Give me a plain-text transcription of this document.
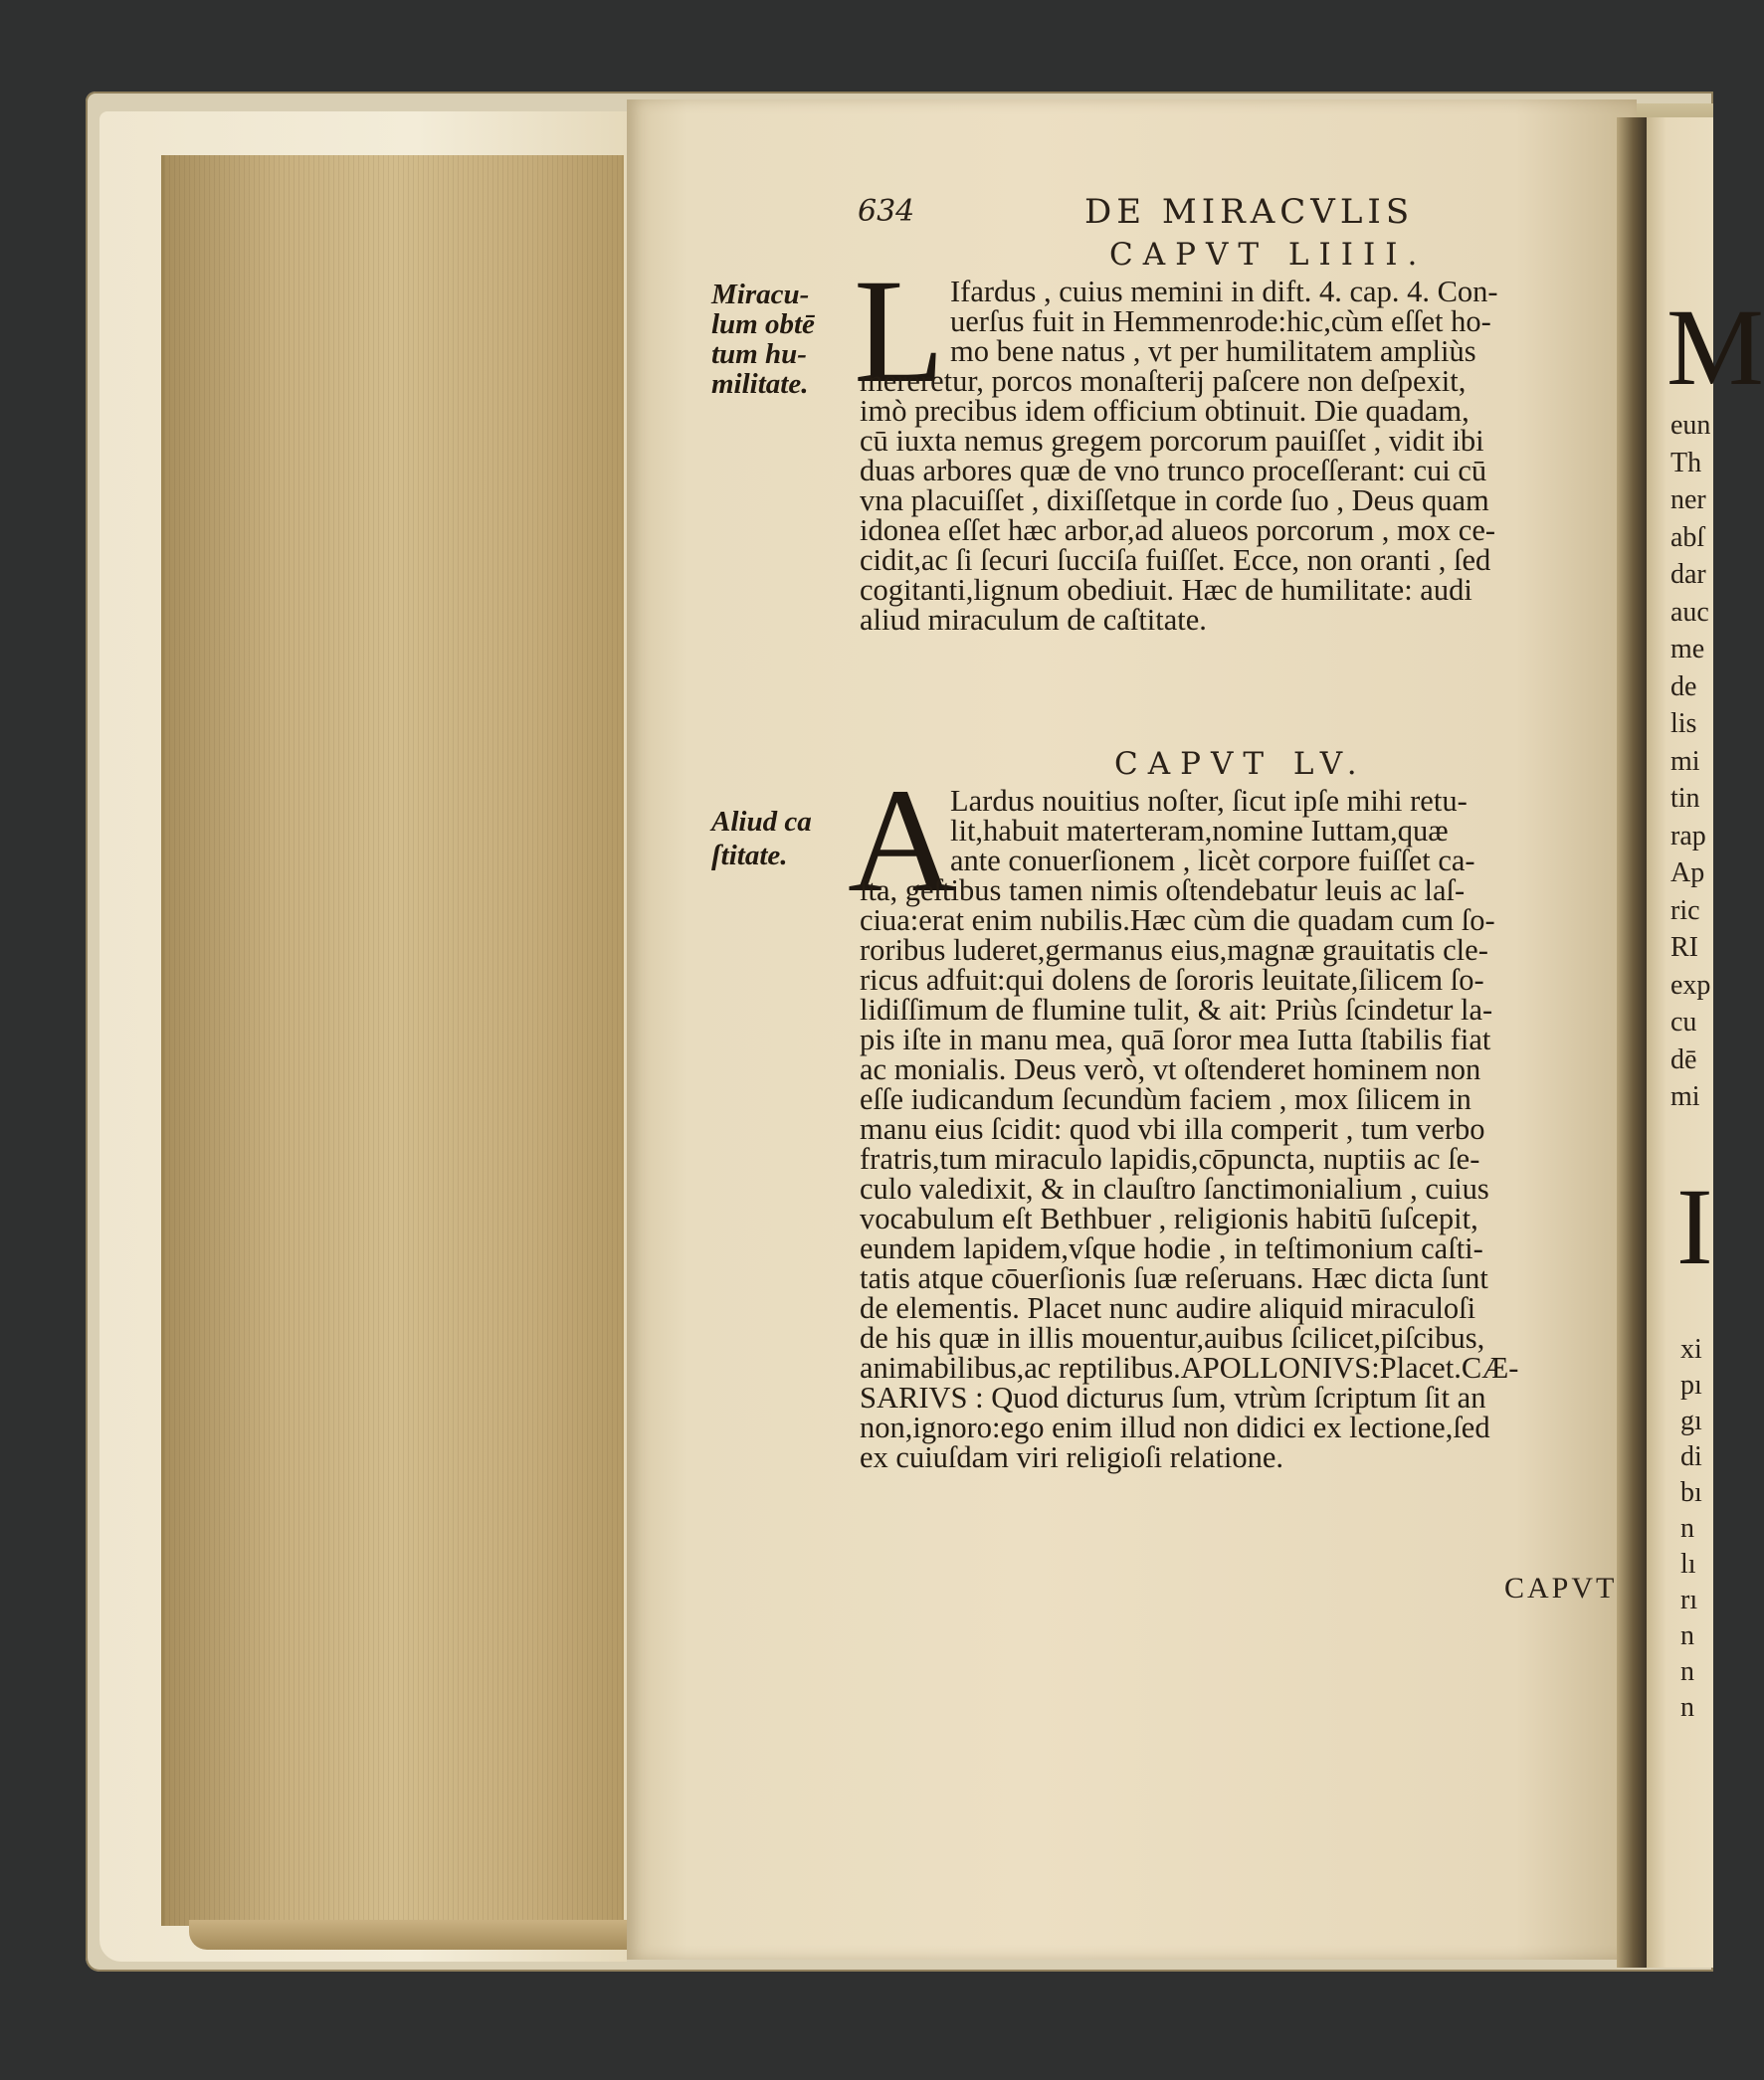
M
eun
Th
ner
abſ
dar
auc
me
de
lis
mi
tin
rap
Ap
ric
RI
exp
cu
dē
mi
I
xi
pı
gı
di
bı
n
lı
rı
n
n
n
634	DE MIRACVLIS
CAPVT LIIII.
L
Miracu-
lum obtē
tum hu-
militate.
Ifardus , cuius memini in dift. 4. cap. 4. Con-
uerſus fuit in Hemmenrode:hic,cùm eſſet ho-
mo bene natus , vt per humilitatem ampliùs
mereretur, porcos monaſterij paſcere non deſpexit,
imò precibus idem officium obtinuit. Die quadam,
cū iuxta nemus gregem porcorum pauiſſet , vidit ibi
duas arbores quæ de vno trunco proceſſerant: cui cū
vna placuiſſet , dixiſſetque in corde ſuo , Deus quam
idonea eſſet hæc arbor,ad alueos porcorum , mox ce-
cidit,ac ſi ſecuri ſucciſa fuiſſet. Ecce, non oranti , ſed
cogitanti,lignum obediuit. Hæc de humilitate: audi
aliud miraculum de caſtitate.
CAPVT LV.
A
Aliud ca
ſtitate.
Lardus nouitius noſter, ſicut ipſe mihi retu-
lit,habuit materteram,nomine Iuttam,quæ
ante conuerſionem , licèt corpore fuiſſet ca-
ſta, geſtibus tamen nimis oſtendebatur leuis ac laſ-
ciua:erat enim nubilis.Hæc cùm die quadam cum ſo-
roribus luderet,germanus eius,magnæ grauitatis cle-
ricus adfuit:qui dolens de ſororis leuitate,ſilicem ſo-
lidiſſimum de flumine tulit, & ait: Priùs ſcindetur la-
pis iſte in manu mea, quā ſoror mea Iutta ſtabilis fiat
ac monialis. Deus verò, vt oſtenderet hominem non
eſſe iudicandum ſecundùm faciem , mox ſilicem in
manu eius ſcidit: quod vbi illa comperit , tum verbo
fratris,tum miraculo lapidis,cōpuncta, nuptiis ac ſe-
culo valedixit, & in clauſtro ſanctimonialium , cuius
vocabulum eſt Bethbuer , religionis habitū ſuſcepit,
eundem lapidem,vſque hodie , in teſtimonium caſti-
tatis atque cōuerſionis ſuæ reſeruans. Hæc dicta ſunt
de elementis. Placet nunc audire aliquid miraculoſi
de his quæ in illis mouentur,auibus ſcilicet,piſcibus,
animabilibus,ac reptilibus.APOLLONIVS:Placet.CÆ-
SARIVS : Quod dicturus ſum, vtrùm ſcriptum ſit an
non,ignoro:ego enim illud non didici ex lectione,ſed
ex cuiuſdam viri religioſi relatione.
CAPVT
